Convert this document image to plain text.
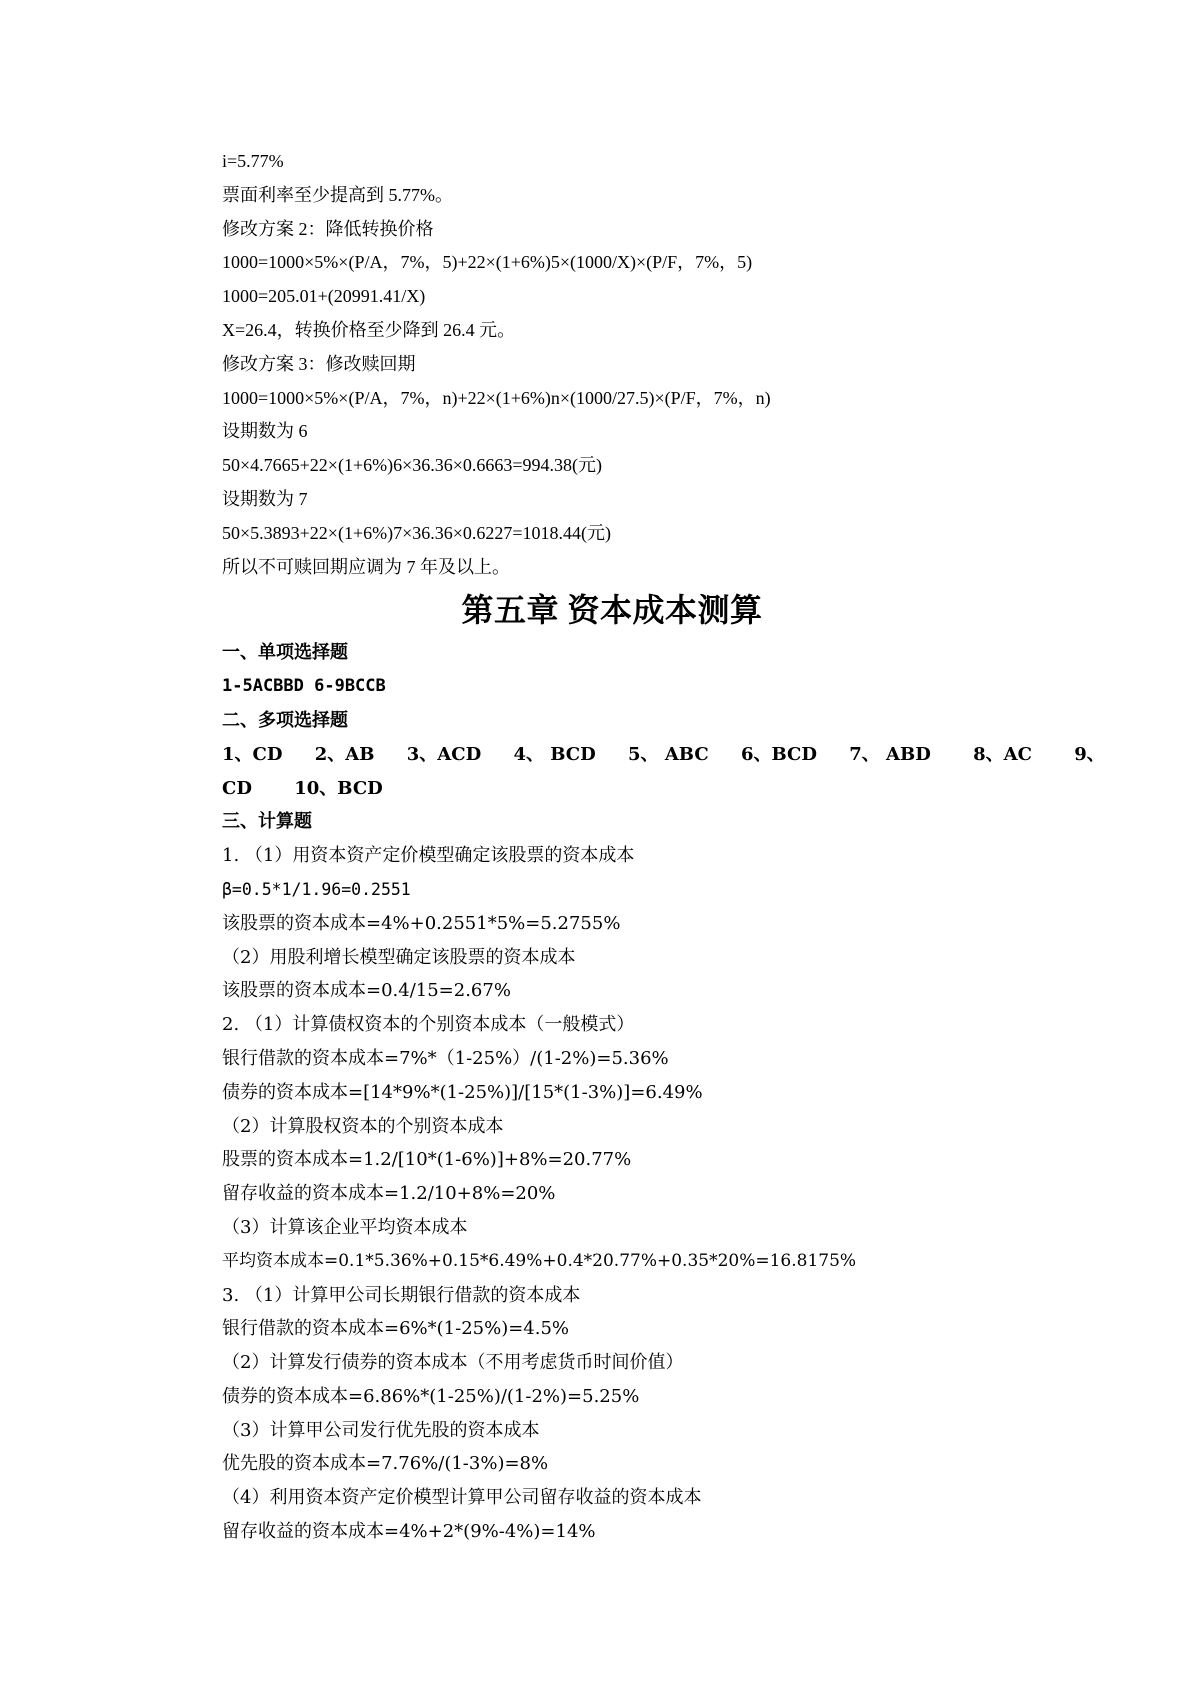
i=5.77%
票面利率至少提高到 5.77%。
修改方案 2：降低转换价格
1000=1000×5%×(P/A，7%，5)+22×(1+6%)5×(1000/X)×(P/F，7%，5)
1000=205.01+(20991.41/X)
X=26.4，转换价格至少降到 26.4 元。
修改方案 3：修改赎回期
1000=1000×5%×(P/A，7%，n)+22×(1+6%)n×(1000/27.5)×(P/F，7%，n)
设期数为 6
50×4.7665+22×(1+6%)6×36.36×0.6663=994.38(元)
设期数为 7
50×5.3893+22×(1+6%)7×36.36×0.6227=1018.44(元)
所以不可赎回期应调为 7 年及以上。
第五章 资本成本测算
一、单项选择题
1-5ACBBD 6-9BCCB
二、多项选择题
1、CD 2、AB 3、ACD 4、 BCD 5、 ABC 6、BCD 7、 ABD 8、AC 9、
CD 10、BCD
三、计算题
1. （1）用资本资产定价模型确定该股票的资本成本
β=0.5*1/1.96=0.2551
该股票的资本成本=4%+0.2551*5%=5.2755%
（2）用股利增长模型确定该股票的资本成本
该股票的资本成本=0.4/15=2.67%
2. （1）计算债权资本的个别资本成本（一般模式）
银行借款的资本成本=7%*（1-25%）/(1-2%)=5.36%
债券的资本成本=[14*9%*(1-25%)]/[15*(1-3%)]=6.49%
（2）计算股权资本的个别资本成本
股票的资本成本=1.2/[10*(1-6%)]+8%=20.77%
留存收益的资本成本=1.2/10+8%=20%
（3）计算该企业平均资本成本
平均资本成本=0.1*5.36%+0.15*6.49%+0.4*20.77%+0.35*20%=16.8175%
3. （1）计算甲公司长期银行借款的资本成本
银行借款的资本成本=6%*(1-25%)=4.5%
（2）计算发行债券的资本成本（不用考虑货币时间价值）
债券的资本成本=6.86%*(1-25%)/(1-2%)=5.25%
（3）计算甲公司发行优先股的资本成本
优先股的资本成本=7.76%/(1-3%)=8%
（4）利用资本资产定价模型计算甲公司留存收益的资本成本
留存收益的资本成本=4%+2*(9%-4%)=14%
